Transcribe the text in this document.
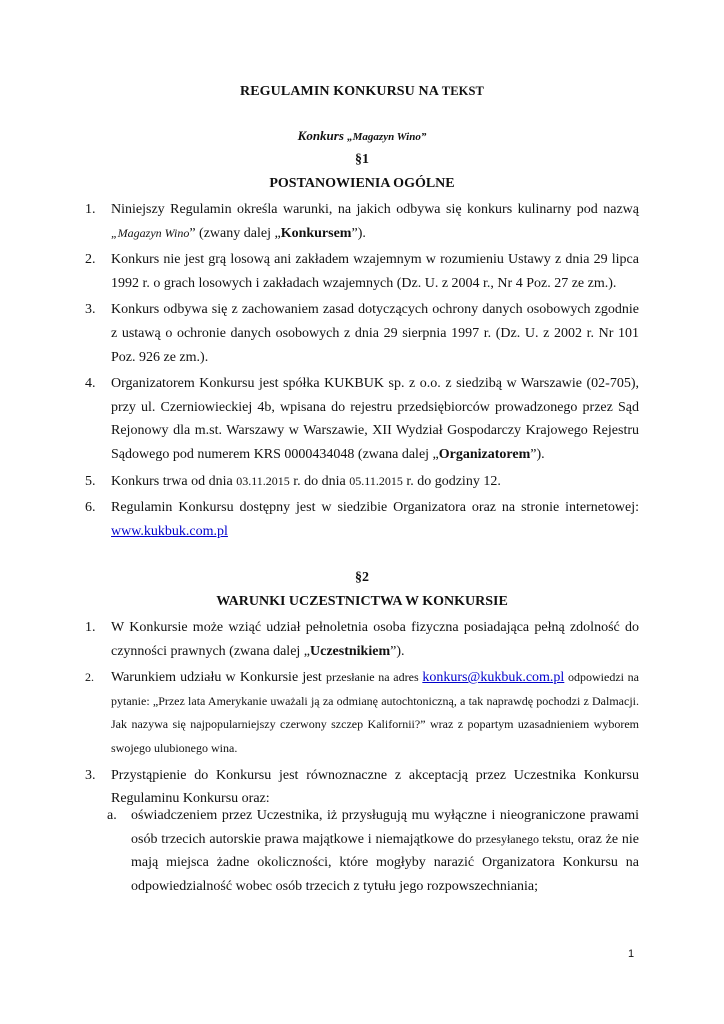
REGULAMIN KONKURSU NA TEKST
Konkurs „Magazyn Wino”
§1
POSTANOWIENIA OGÓLNE
1. Niniejszy Regulamin określa warunki, na jakich odbywa się konkurs kulinarny pod nazwą „Magazyn Wino” (zwany dalej „Konkursem”).
2. Konkurs nie jest grą losową ani zakładem wzajemnym w rozumieniu Ustawy z dnia 29 lipca 1992 r. o grach losowych i zakładach wzajemnych (Dz. U. z 2004 r., Nr 4 Poz. 27 ze zm.).
3. Konkurs odbywa się z zachowaniem zasad dotyczących ochrony danych osobowych zgodnie z ustawą o ochronie danych osobowych z dnia 29 sierpnia 1997 r. (Dz. U. z 2002 r. Nr 101 Poz. 926 ze zm.).
4. Organizatorem Konkursu jest spółka KUKBUK sp. z o.o. z siedzibą w Warszawie (02-705), przy ul. Czerniowieckiej 4b, wpisana do rejestru przedsiębiorców prowadzonego przez Sąd Rejonowy dla m.st. Warszawy w Warszawie, XII Wydział Gospodarczy Krajowego Rejestru Sądowego pod numerem KRS 0000434048 (zwana dalej „Organizatorem”).
5. Konkurs trwa od dnia 03.11.2015 r. do dnia 05.11.2015 r. do godziny 12.
6. Regulamin Konkursu dostępny jest w siedzibie Organizatora oraz na stronie internetowej: www.kukbuk.com.pl
§2
WARUNKI UCZESTNICTWA W KONKURSIE
1. W Konkursie może wziąć udział pełnoletnia osoba fizyczna posiadająca pełną zdolność do czynności prawnych (zwana dalej „Uczestnikiem”).
2. Warunkiem udziału w Konkursie jest przesłanie na adres konkurs@kukbuk.com.pl odpowiedzi na pytanie: „Przez lata Amerykanie uważali ją za odmianę autochtoniczną, a tak naprawdę pochodzi z Dalmacji. Jak nazywa się najpopularniejszy czerwony szczep Kalifornii?” wraz z popartym uzasadnieniem wyborem swojego ulubionego wina.
3. Przystąpienie do Konkursu jest równoznaczne z akceptacją przez Uczestnika Konkursu Regulaminu Konkursu oraz:
a.	oświadczeniem przez Uczestnika, iż przysługują mu wyłączne i nieograniczone prawami osób trzecich autorskie prawa majątkowe i niemajątkowe do przesyłanego tekstu, oraz że nie mają miejsca żadne okoliczności, które mogłyby narazić Organizatora Konkursu na odpowiedzialność wobec osób trzecich z tytułu jego rozpowszechniania;
1
